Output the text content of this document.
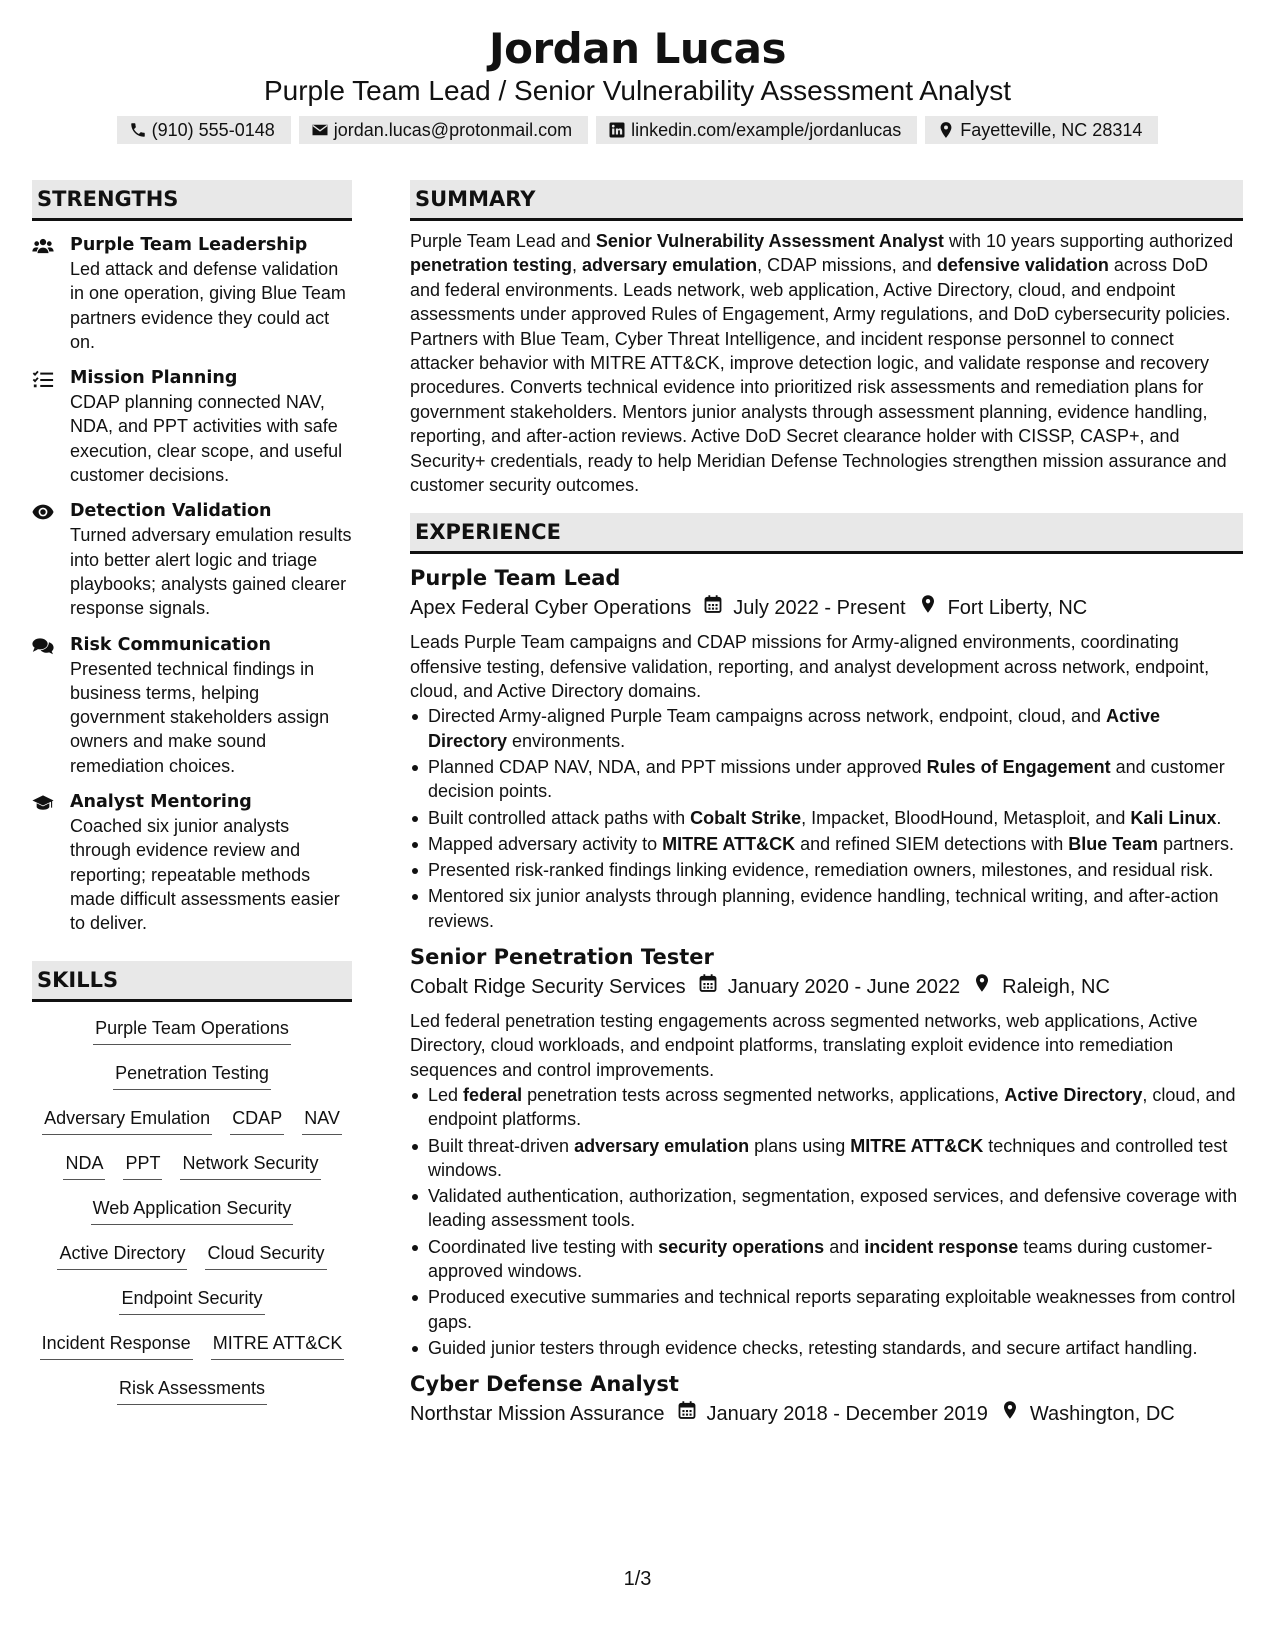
Jordan Lucas
Purple Team Lead / Senior Vulnerability Assessment Analyst
(910) 555-0148	jordan.lucas@protonmail.com	linkedin.com/example/jordanlucas	Fayetteville, NC 28314
STRENGTHS
Purple Team Leadership
Led attack and defense validation in one operation, giving Blue Team partners evidence they could act on.
Mission Planning
CDAP planning connected NAV, NDA, and PPT activities with safe execution, clear scope, and useful customer decisions.
Detection Validation
Turned adversary emulation results into better alert logic and triage playbooks; analysts gained clearer response signals.
Risk Communication
Presented technical findings in business terms, helping government stakeholders assign owners and make sound remediation choices.
Analyst Mentoring
Coached six junior analysts through evidence review and reporting; repeatable methods made difficult assessments easier to deliver.
SKILLS
Purple Team Operations
Penetration Testing
Adversary Emulation CDAP NAV
NDA PPT Network Security
Web Application Security
Active Directory Cloud Security
Endpoint Security
Incident Response MITRE ATT&CK
Risk Assessments
SUMMARY

Purple Team Lead and Senior Vulnerability Assessment Analyst with 10 years supporting authorized penetration testing, adversary emulation, CDAP missions, and defensive validation across DoD and federal environments. Leads network, web application, Active Directory, cloud, and endpoint assessments under approved Rules of Engagement, Army regulations, and DoD cybersecurity policies. Partners with Blue Team, Cyber Threat Intelligence, and incident response personnel to connect attacker behavior with MITRE ATT&CK, improve detection logic, and validate response and recovery procedures. Converts technical evidence into prioritized risk assessments and remediation plans for government stakeholders. Mentors junior analysts through assessment planning, evidence handling, reporting, and after-action reviews. Active DoD Secret clearance holder with CISSP, CASP+, and Security+ credentials, ready to help Meridian Defense Technologies strengthen mission assurance and customer security outcomes.

EXPERIENCE
Purple Team Lead
Apex Federal Cyber Operations July 2022 - Present Fort Liberty, NC
Leads Purple Team campaigns and CDAP missions for Army-aligned environments, coordinating offensive testing, defensive validation, reporting, and analyst development across network, endpoint, cloud, and Active Directory domains.
Directed Army-aligned Purple Team campaigns across network, endpoint, cloud, and Active Directory environments.
Planned CDAP NAV, NDA, and PPT missions under approved Rules of Engagement and customer decision points.
Built controlled attack paths with Cobalt Strike, Impacket, BloodHound, Metasploit, and Kali Linux.
Mapped adversary activity to MITRE ATT&CK and refined SIEM detections with Blue Team partners.
Presented risk-ranked findings linking evidence, remediation owners, milestones, and residual risk.
Mentored six junior analysts through planning, evidence handling, technical writing, and after-action reviews.
Senior Penetration Tester
Cobalt Ridge Security Services January 2020 - June 2022 Raleigh, NC
Led federal penetration testing engagements across segmented networks, web applications, Active Directory, cloud workloads, and endpoint platforms, translating exploit evidence into remediation sequences and control improvements.
Led federal penetration tests across segmented networks, applications, Active Directory, cloud, and endpoint platforms.
Built threat-driven adversary emulation plans using MITRE ATT&CK techniques and controlled test windows.
Validated authentication, authorization, segmentation, exposed services, and defensive coverage with leading assessment tools.
Coordinated live testing with security operations and incident response teams during customer-approved windows.
Produced executive summaries and technical reports separating exploitable weaknesses from control gaps.
Guided junior testers through evidence checks, retesting standards, and secure artifact handling.
Cyber Defense Analyst
Northstar Mission Assurance January 2018 - December 2019 Washington, DC
1/3
